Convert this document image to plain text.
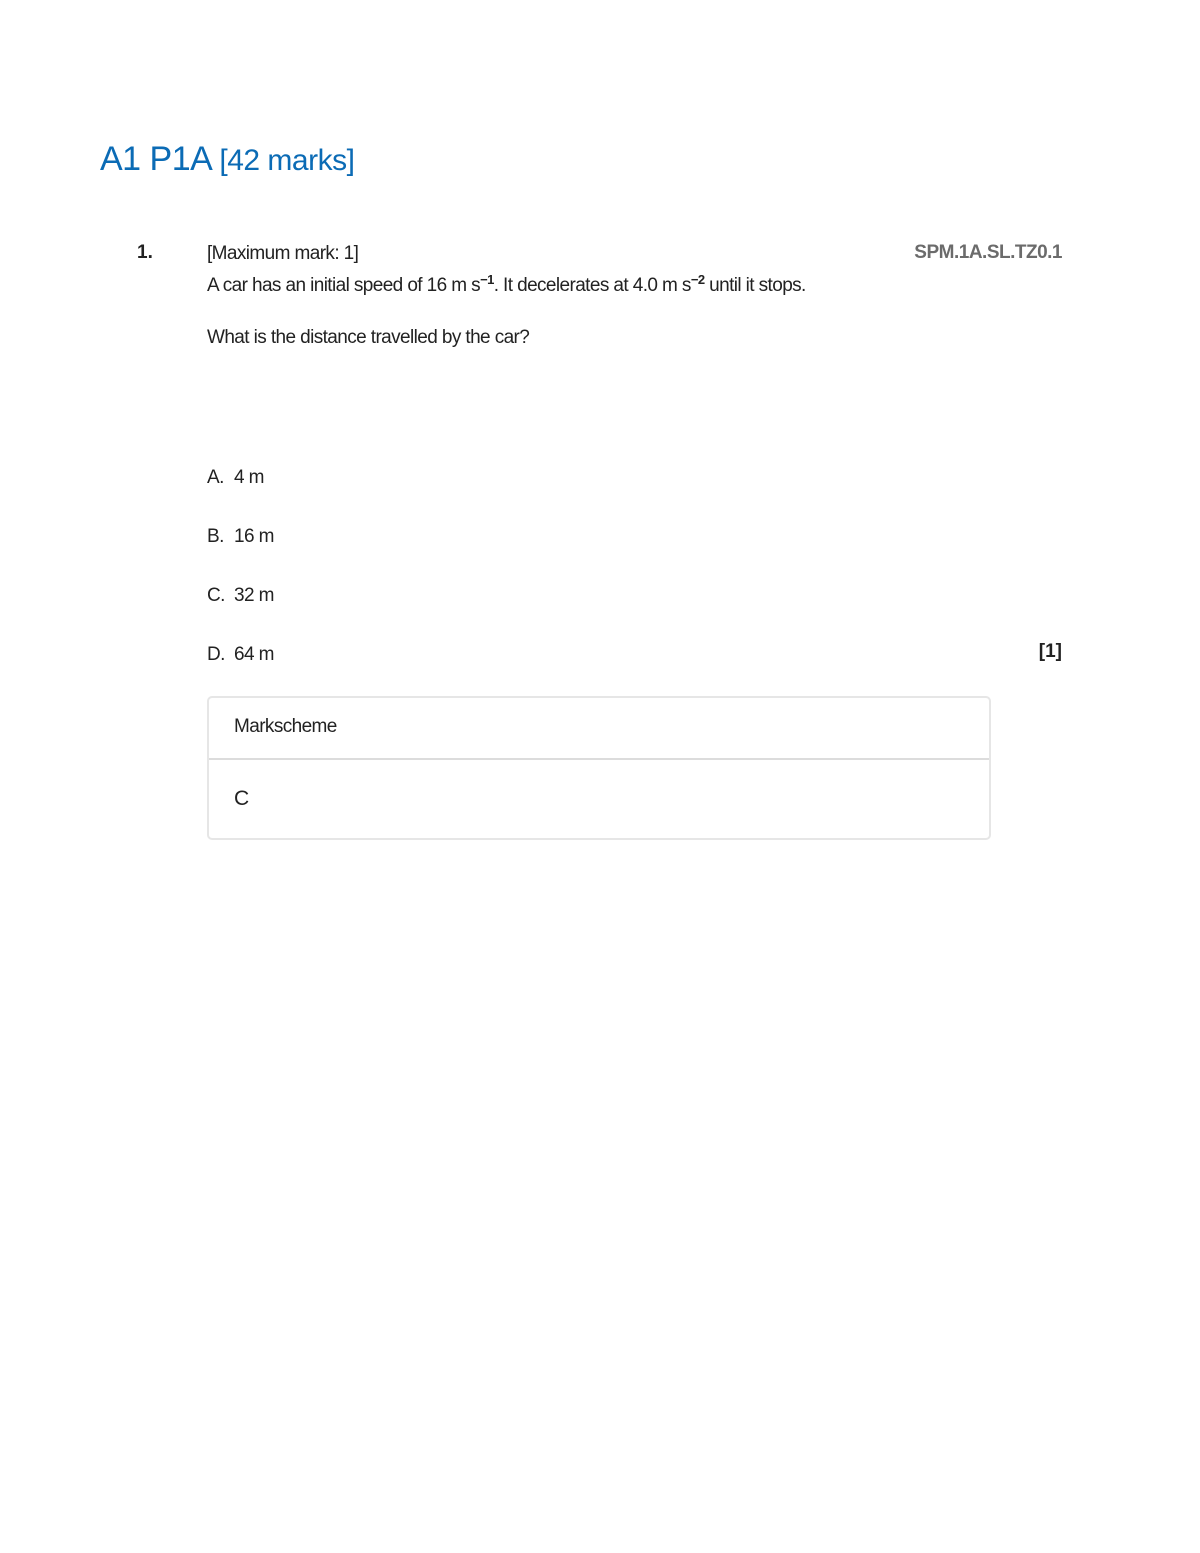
A1 P1A [42 marks]
1.	SPM.1A.SL.TZ0.1

[Maximum mark: 1]

A car has an initial speed of 16 m $s^{-1}$. It decelerates at 4.0 m $s^{-2}$ until it stops.

What is the distance travelled by the car?

A. 4 m
B. 16 m
C. 32 m
D. 64 m	[1]
Markscheme
C
